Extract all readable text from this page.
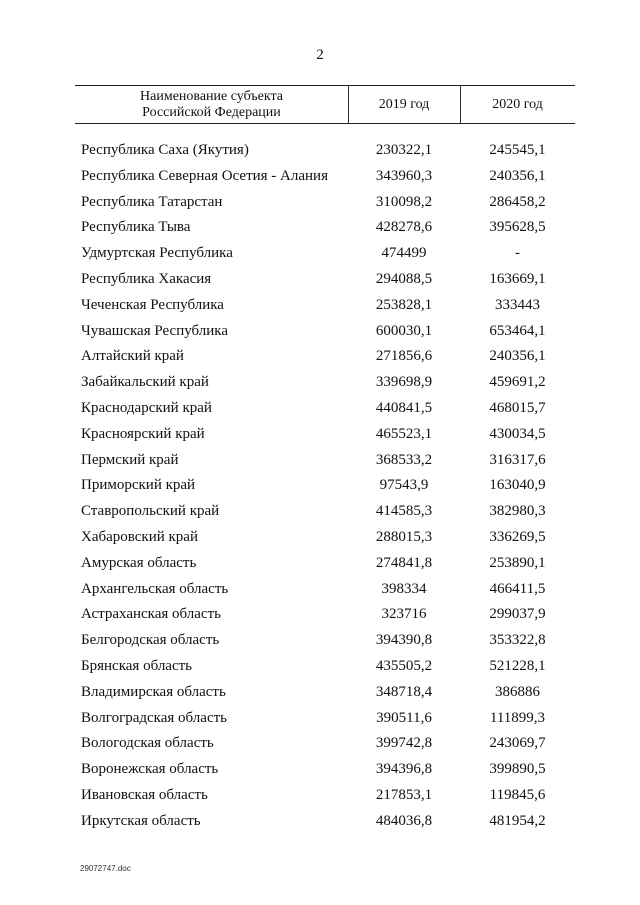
2
Наименование субъекта
Российской Федерации
2019 год	2020 год
Республика Саха (Якутия)	230322,1	245545,1
Республика Северная Осетия - Алания	343960,3	240356,1
Республика Татарстан	310098,2	286458,2
Республика Тыва	428278,6	395628,5
Удмуртская Республика	474499	-
Республика Хакасия	294088,5	163669,1
Чеченская Республика	253828,1	333443
Чувашская Республика	600030,1	653464,1
Алтайский край	271856,6	240356,1
Забайкальский край	339698,9	459691,2
Краснодарский край	440841,5	468015,7
Красноярский край	465523,1	430034,5
Пермский край	368533,2	316317,6
Приморский край	97543,9	163040,9
Ставропольский край	414585,3	382980,3
Хабаровский край	288015,3	336269,5
Амурская область	274841,8	253890,1
Архангельская область	398334	466411,5
Астраханская область	323716	299037,9
Белгородская область	394390,8	353322,8
Брянская область	435505,2	521228,1
Владимирская область	348718,4	386886
Волгоградская область	390511,6	111899,3
Вологодская область	399742,8	243069,7
Воронежская область	394396,8	399890,5
Ивановская область	217853,1	119845,6
Иркутская область	484036,8	481954,2
29072747.doc
